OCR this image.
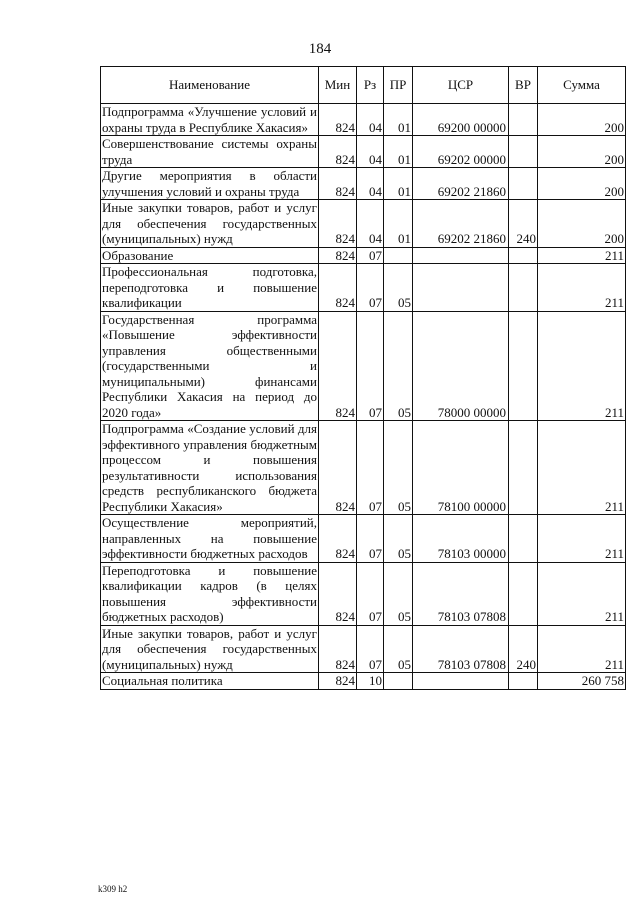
184
Наименование	Мин	Рз	ПР	ЦСР	ВР	Сумма
Подпрограмма «Улучшение условий и охраны труда в Республике Хакасия»	824	04	01	69200 00000		200
Совершенствование системы охраны труда	824	04	01	69202 00000		200
Другие мероприятия в области улучшения условий и охраны труда	824	04	01	69202 21860		200
Иные закупки товаров, работ и услуг для обеспечения государственных (муниципальных) нужд	824	04	01	69202 21860	240	200
Образование	824	07				211
Профессиональная подготовка, переподготовка и повышение квалификации	824	07	05			211
Государственная программа «Повышение эффективности управления общественными (государственными и муниципальными) финансами Республики Хакасия на период до 2020 года»	824	07	05	78000 00000		211
Подпрограмма «Создание условий для эффективного управления бюджетным процессом и повышения результативности использования средств республиканского бюджета Республики Хакасия»	824	07	05	78100 00000		211
Осуществление мероприятий, направленных на повышение эффективности бюджетных расходов	824	07	05	78103 00000		211
Переподготовка и повышение квалификации кадров (в целях повышения эффективности бюджетных расходов)	824	07	05	78103 07808		211
Иные закупки товаров, работ и услуг для обеспечения государственных (муниципальных) нужд	824	07	05	78103 07808	240	211
Социальная политика	824	10				260 758
k309 h2
